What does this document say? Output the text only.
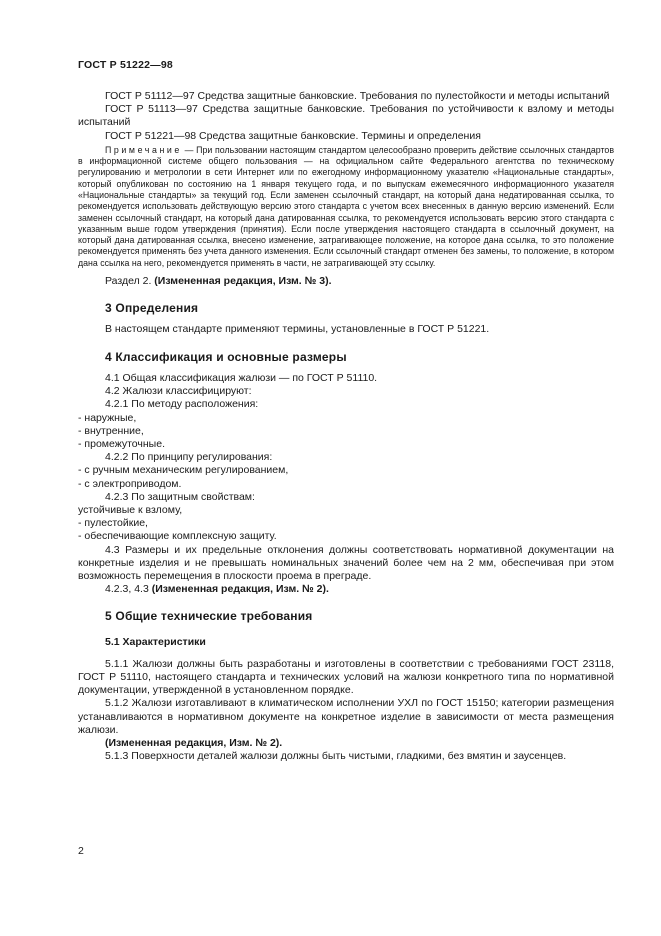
ГОСТ Р 51222—98

ГОСТ Р 51112—97 Средства защитные банковские. Требования по пулестойкости и методы испытаний

ГОСТ Р 51113—97 Средства защитные банковские. Требования по устойчивости к взлому и методы испытаний

ГОСТ Р 51221—98 Средства защитные банковские. Термины и определения

Примечание — При пользовании настоящим стандартом целесообразно проверить действие ссылочных стандартов в информационной системе общего пользования — на официальном сайте Федерального агентства по техническому регулированию и метрологии в сети Интернет или по ежегодному информационному указателю «Национальные стандарты», который опубликован по состоянию на 1 января текущего года, и по выпускам ежемесячного информационного указателя «Национальные стандарты» за текущий год. Если заменен ссылочный стандарт, на который дана недатированная ссылка, то рекомендуется использовать действующую версию этого стандарта с учетом всех внесенных в данную версию изменений. Если заменен ссылочный стандарт, на который дана датированная ссылка, то рекомендуется использовать версию этого стандарта с указанным выше годом утверждения (принятия). Если после утверждения настоящего стандарта в ссылочный документ, на который дана датированная ссылка, внесено изменение, затрагивающее положение, на которое дана ссылка, то это положение рекомендуется применять без учета данного изменения. Если ссылочный стандарт отменен без замены, то положение, в котором дана ссылка на него, рекомендуется применять в части, не затрагивающей эту ссылку.

Раздел 2. (Измененная редакция, Изм. № 3).

3 Определения

В настоящем стандарте применяют термины, установленные в ГОСТ Р 51221.

4 Классификация и основные размеры

4.1 Общая классификация жалюзи — по ГОСТ Р 51110.

4.2 Жалюзи классифицируют:

4.2.1 По методу расположения:

- наружные,

- внутренние,

- промежуточные.

4.2.2 По принципу регулирования:

- с ручным механическим регулированием,

- с электроприводом.

4.2.3 По защитным свойствам:

устойчивые к взлому,

- пулестойкие,

- обеспечивающие комплексную защиту.

4.3 Размеры и их предельные отклонения должны соответствовать нормативной документации на конкретные изделия и не превышать номинальных значений более чем на 2 мм, обеспечивая при этом возможность перемещения в плоскости проема в преграде.

4.2.3, 4.3 (Измененная редакция, Изм. № 2).

5 Общие технические требования
5.1 Характеристики

5.1.1 Жалюзи должны быть разработаны и изготовлены в соответствии с требованиями ГОСТ 23118, ГОСТ Р 51110, настоящего стандарта и технических условий на жалюзи конкретного типа по нормативной документации, утвержденной в установленном порядке.

5.1.2 Жалюзи изготавливают в климатическом исполнении УХЛ по ГОСТ 15150; категории размещения устанавливаются в нормативном документе на конкретное изделие в зависимости от места размещения жалюзи.

(Измененная редакция, Изм. № 2).

5.1.3 Поверхности деталей жалюзи должны быть чистыми, гладкими, без вмятин и заусенцев.

2
